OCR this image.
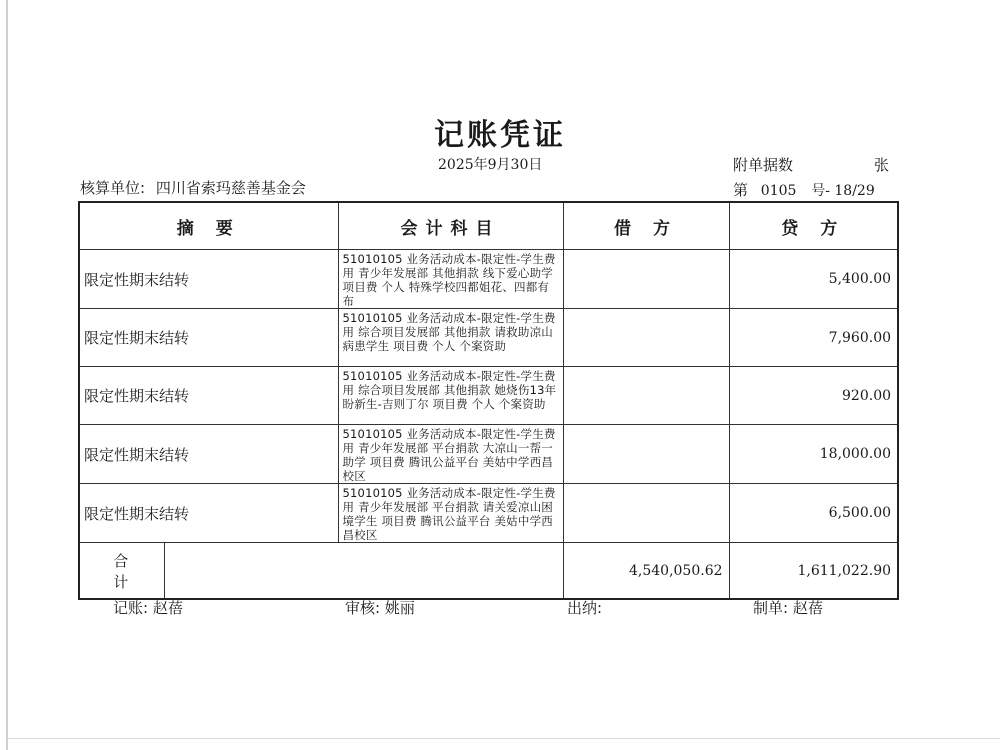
记账凭证
2025年9月30日	附单据数	张
核算单位: 四川省索玛慈善基金会	第 0105 号- 18/29
摘 要		会计科目	借 方	贷 方
限定性期末结转		51010105 业务活动成本-限定性-学生费用 青少年发展部 其他捐款 线下爱心助学 项目费 个人 特殊学校四都姐花、四都有布		5,400.00
限定性期末结转		51010105 业务活动成本-限定性-学生费用 综合项目发展部 其他捐款 请救助凉山病患学生 项目费 个人 个案资助		7,960.00
限定性期末结转		51010105 业务活动成本-限定性-学生费用 综合项目发展部 其他捐款 她烧伤13年盼新生-吉则丁尔 项目费 个人 个案资助		920.00
限定性期末结转		51010105 业务活动成本-限定性-学生费用 青少年发展部 平台捐款 大凉山一帮一助学 项目费 腾讯公益平台 美姑中学西昌校区		18,000.00
限定性期末结转		51010105 业务活动成本-限定性-学生费用 青少年发展部 平台捐款 请关爱凉山困境学生 项目费 腾讯公益平台 美姑中学西昌校区		6,500.00
合 计			4,540,050.62	1,611,022.90
记账: 赵蓓	审核: 姚丽	出纳:	制单: 赵蓓
